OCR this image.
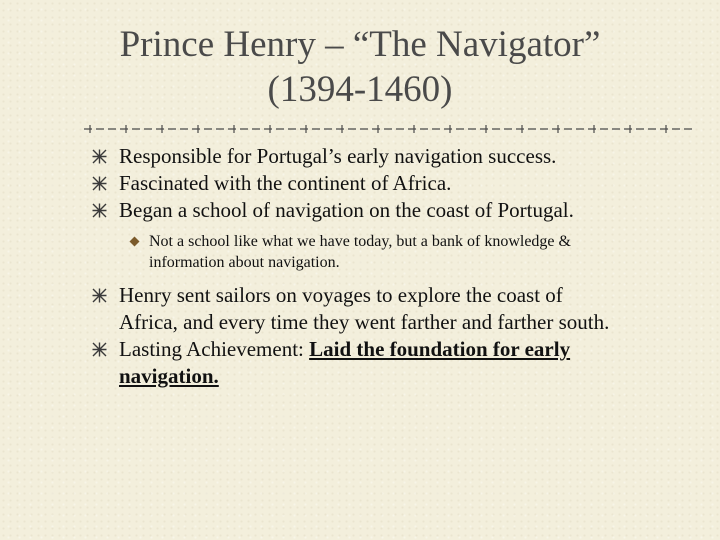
Prince Henry – “The Navigator”
(1394-1460)
Responsible for Portugal’s early navigation success.
Fascinated with the continent of Africa.
Began a school of navigation on the coast of Portugal.
Not a school like what we have today, but a bank of knowledge &
information about navigation.
Henry sent sailors on voyages to explore the coast of
Africa, and every time they went farther and farther south.
Lasting Achievement: Laid the foundation for early
navigation.
